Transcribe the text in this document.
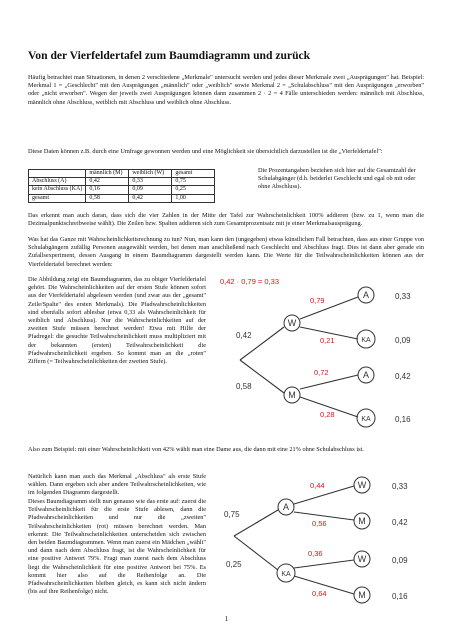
Von der Vierfeldertafel zum Baumdiagramm und zurück

Häufig betrachtet man Situationen, in denen 2 verschiedene „Merkmale" untersucht werden und jedes dieser Merkmale zwei „Ausprägungen" hat. Beispiel: Merkmal 1 = „Geschlecht" mit den Ausprägungen „männlich" oder „weiblich" sowie Merkmal 2 = „Schulabschluss" mit den Ausprägungen „erworben" oder „nicht erworben". Wegen der jeweils zwei Ausprägungen können dann zusammen 2 · 2 = 4 Fälle unterschieden werden: männlich mit Abschluss, männlich ohne Abschluss, weiblich mit Abschluss und weiblich ohne Abschluss.

Diese Daten können z.B. durch eine Umfrage gewonnen werden und eine Möglichkeit sie übersichtlich darzustellen ist die „Vierfeldertafel":

	männlich (M)	weiblich (W)	gesamt
Abschluss (A)	0,42	0,33	0,75
kein Abschluss (KA)	0,16	0,09	0,25
gesamt	0,58	0,42	1,00

Die Prozentangaben beziehen sich hier auf die Gesamtzahl der Schulabgänger (d.h. beiderlei Geschlecht und egal ob mit oder ohne Abschluss).

Das erkennt man auch daran, dass sich die vier Zahlen in der Mitte der Tafel zur Wahrscheinlichkeit 100% addieren (bzw. zu 1, wenn man die Dezimalpunktschreibweise wählt). Die Zeilen bzw. Spalten addieren sich zum Gesamtprozentsatz mit je einer Merkmalsausprägung.

Was hat das Ganze mit Wahrscheinlichkeitsrechnung zu tun? Nun, man kann den (ungegeben) etwas künstlichen Fall betrachten, dass aus einer Gruppe von Schulabgängern zufällig Personen ausgewählt werden, bei denen man anschließend nach Geschlecht und Abschluss fragt. Dies ist dann aber gerade ein Zufallsexperiment, dessen Ausgang in einem Baumdiagramm dargestellt werden kann. Die Werte für die Teilwahrscheinlichkeiten können aus der Vierfeldertafel berechnet werden:

Die Abbildung zeigt ein Baumdiagramm, das zu obiger Vierfeldertafel gehört. Die Wahrscheinlichkeiten auf der ersten Stufe können sofort aus der Vierfeldertafel abgelesen werden (und zwar aus der „gesamt" Zeile/Spalte" des ersten Merkmals). Die Pfadwahrscheinlichkeiten sind ebenfalls sofort ablesbar (etwa 0,33 als Wahrscheinlichkeit für weiblich und Abschluss). Nur die Wahrscheinlichkeiten auf der zweiten Stufe müssen berechnet werden! Etwa mit Hilfe der Pfadregel: die gesuchte Teilwahrscheinlichkeit muss multipliziert mit der bekannten (ersten) Teilwahrscheinlichkeit die Pfadwahrscheinlichkeit ergeben. So kommt man an die „roten" Ziffern (= Teilwahrscheinlichkeiten der zweiten Stufe).

W
M
A
KA
A
KA
0,42
0,58
0,33
0,09
0,42
0,16
0,42 · 0,79 = 0,33
0,79
0,21
0,72
0,28

Also zum Beispiel: mit einer Wahrscheinlichkeit von 42% wählt man eine Dame aus, die dann mit eine 21% ohne Schulabschluss ist.

Natürlich kann man auch das Merkmal „Abschluss" als erste Stufe wählen. Dann ergeben sich aber andere Teilwahrscheinlichkeiten, wie im folgenden Diagramm dargestellt.

Dieses Baumdiagramm stellt nun genauso wie das erste auf: zuerst die Teilwahrscheinlichkeit für die erste Stufe ablesen, dann die Pfadwahrscheinlichkeiten und nur die „zweiten" Teilwahrscheinlichkeiten (rot) müssen berechnet werden. Man erkennt: Die Teilwahrscheinlichkeiten unterscheiden sich zwischen den beiden Baumdiagrammen. Wenn man zuerst ein Mädchen „wählt" und dann nach dem Abschluss fragt, ist die Wahrscheinlichkeit für eine positive Antwort 79%. Fragt man zuerst nach dem Abschluss liegt die Wahrscheinlichkeit für eine positive Antwort bei 75%. Es kommt hier also auf die Reihenfolge an. Die Pfadwahrscheinlichkeiten bleiben gleich, es kann sich nicht ändern (bis auf ihre Reihenfolge) nicht.

A
KA
W
M
W
M
0,75
0,25
0,33
0,42
0,09
0,16
0,44
0,56
0,36
0,64
1
